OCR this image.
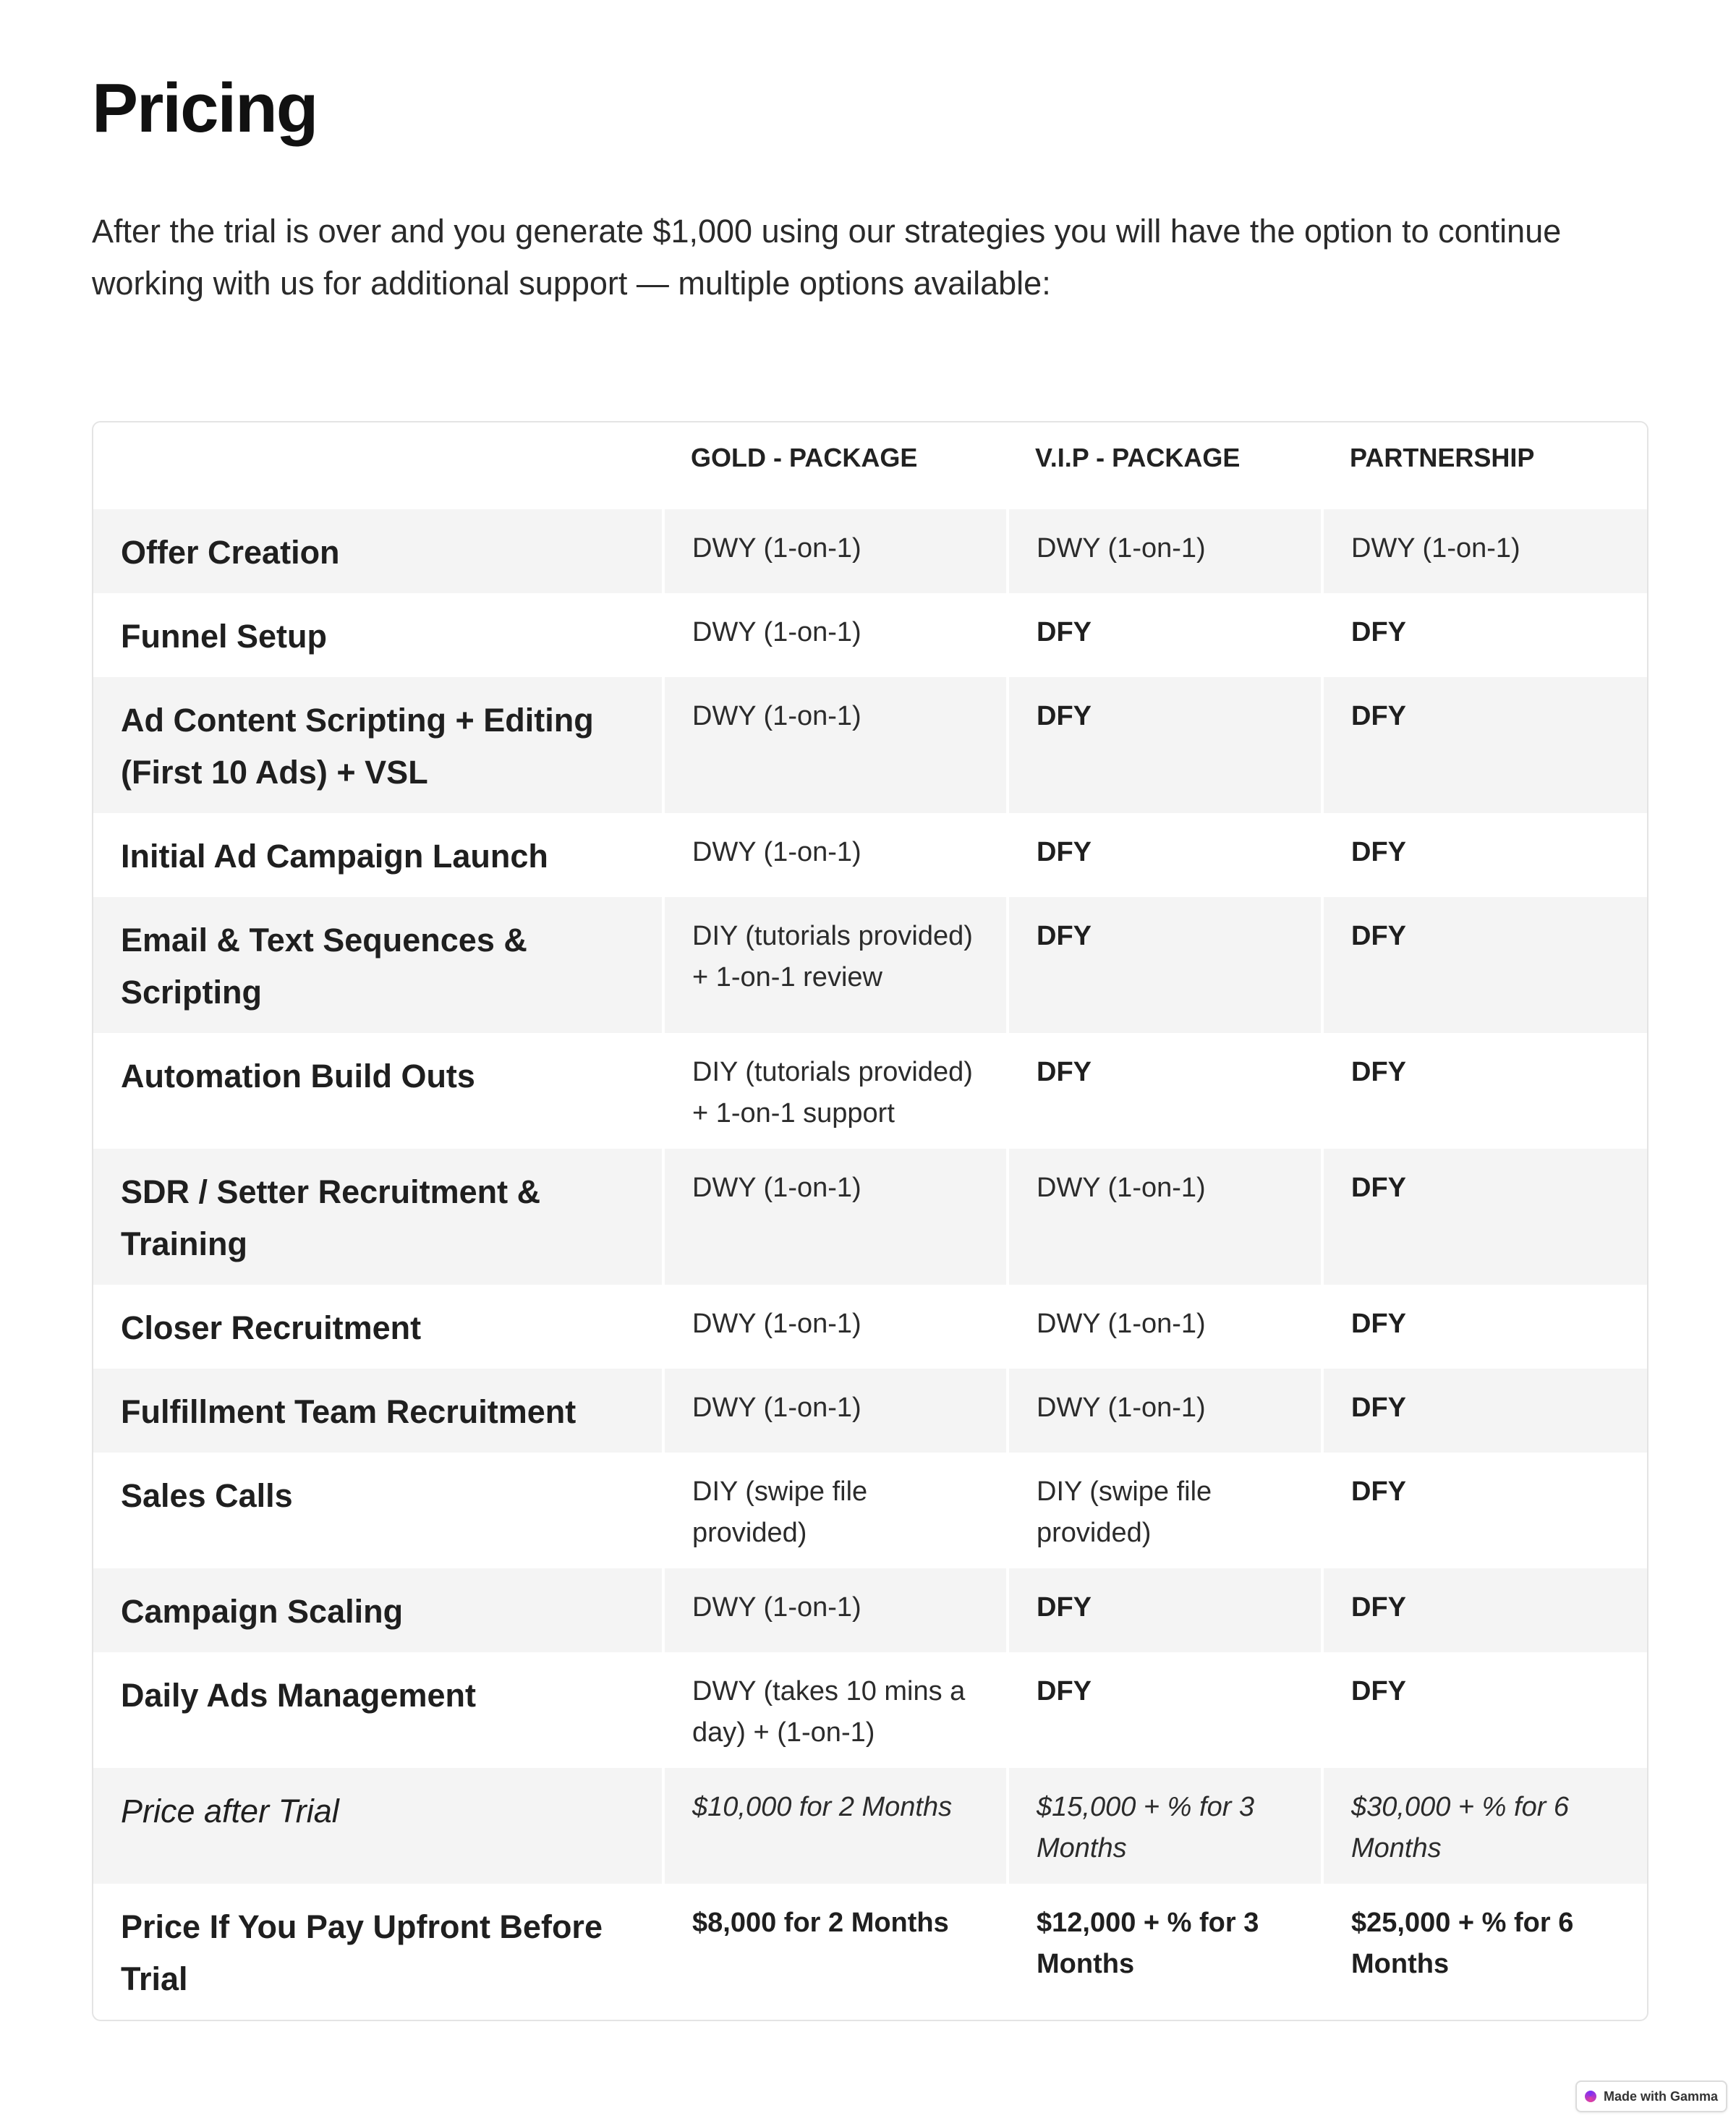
Pricing

After the trial is over and you generate $1,000 using our strategies you will have the option to continue working with us for additional support — multiple options available:

	GOLD - PACKAGE	V.I.P - PACKAGE	PARTNERSHIP
Offer Creation	DWY (1-on-1)	DWY (1-on-1)	DWY (1-on-1)
Funnel Setup	DWY (1-on-1)	DFY	DFY
Ad Content Scripting + Editing (First 10 Ads) + VSL	DWY (1-on-1)	DFY	DFY
Initial Ad Campaign Launch	DWY (1-on-1)	DFY	DFY
Email & Text Sequences & Scripting	DIY (tutorials provided) + 1-on-1 review	DFY	DFY
Automation Build Outs	DIY (tutorials provided) + 1-on-1 support	DFY	DFY
SDR / Setter Recruitment & Training	DWY (1-on-1)	DWY (1-on-1)	DFY
Closer Recruitment	DWY (1-on-1)	DWY (1-on-1)	DFY
Fulfillment Team Recruitment	DWY (1-on-1)	DWY (1-on-1)	DFY
Sales Calls	DIY (swipe file provided)	DIY (swipe file provided)	DFY
Campaign Scaling	DWY (1-on-1)	DFY	DFY
Daily Ads Management	DWY (takes 10 mins a day) + (1-on-1)	DFY	DFY
Price after Trial	$10,000 for 2 Months	$15,000 + % for 3 Months	$30,000 + % for 6 Months
Price If You Pay Upfront Before Trial	$8,000 for 2 Months	$12,000 + % for 3 Months	$25,000 + % for 6 Months
Made with Gamma
